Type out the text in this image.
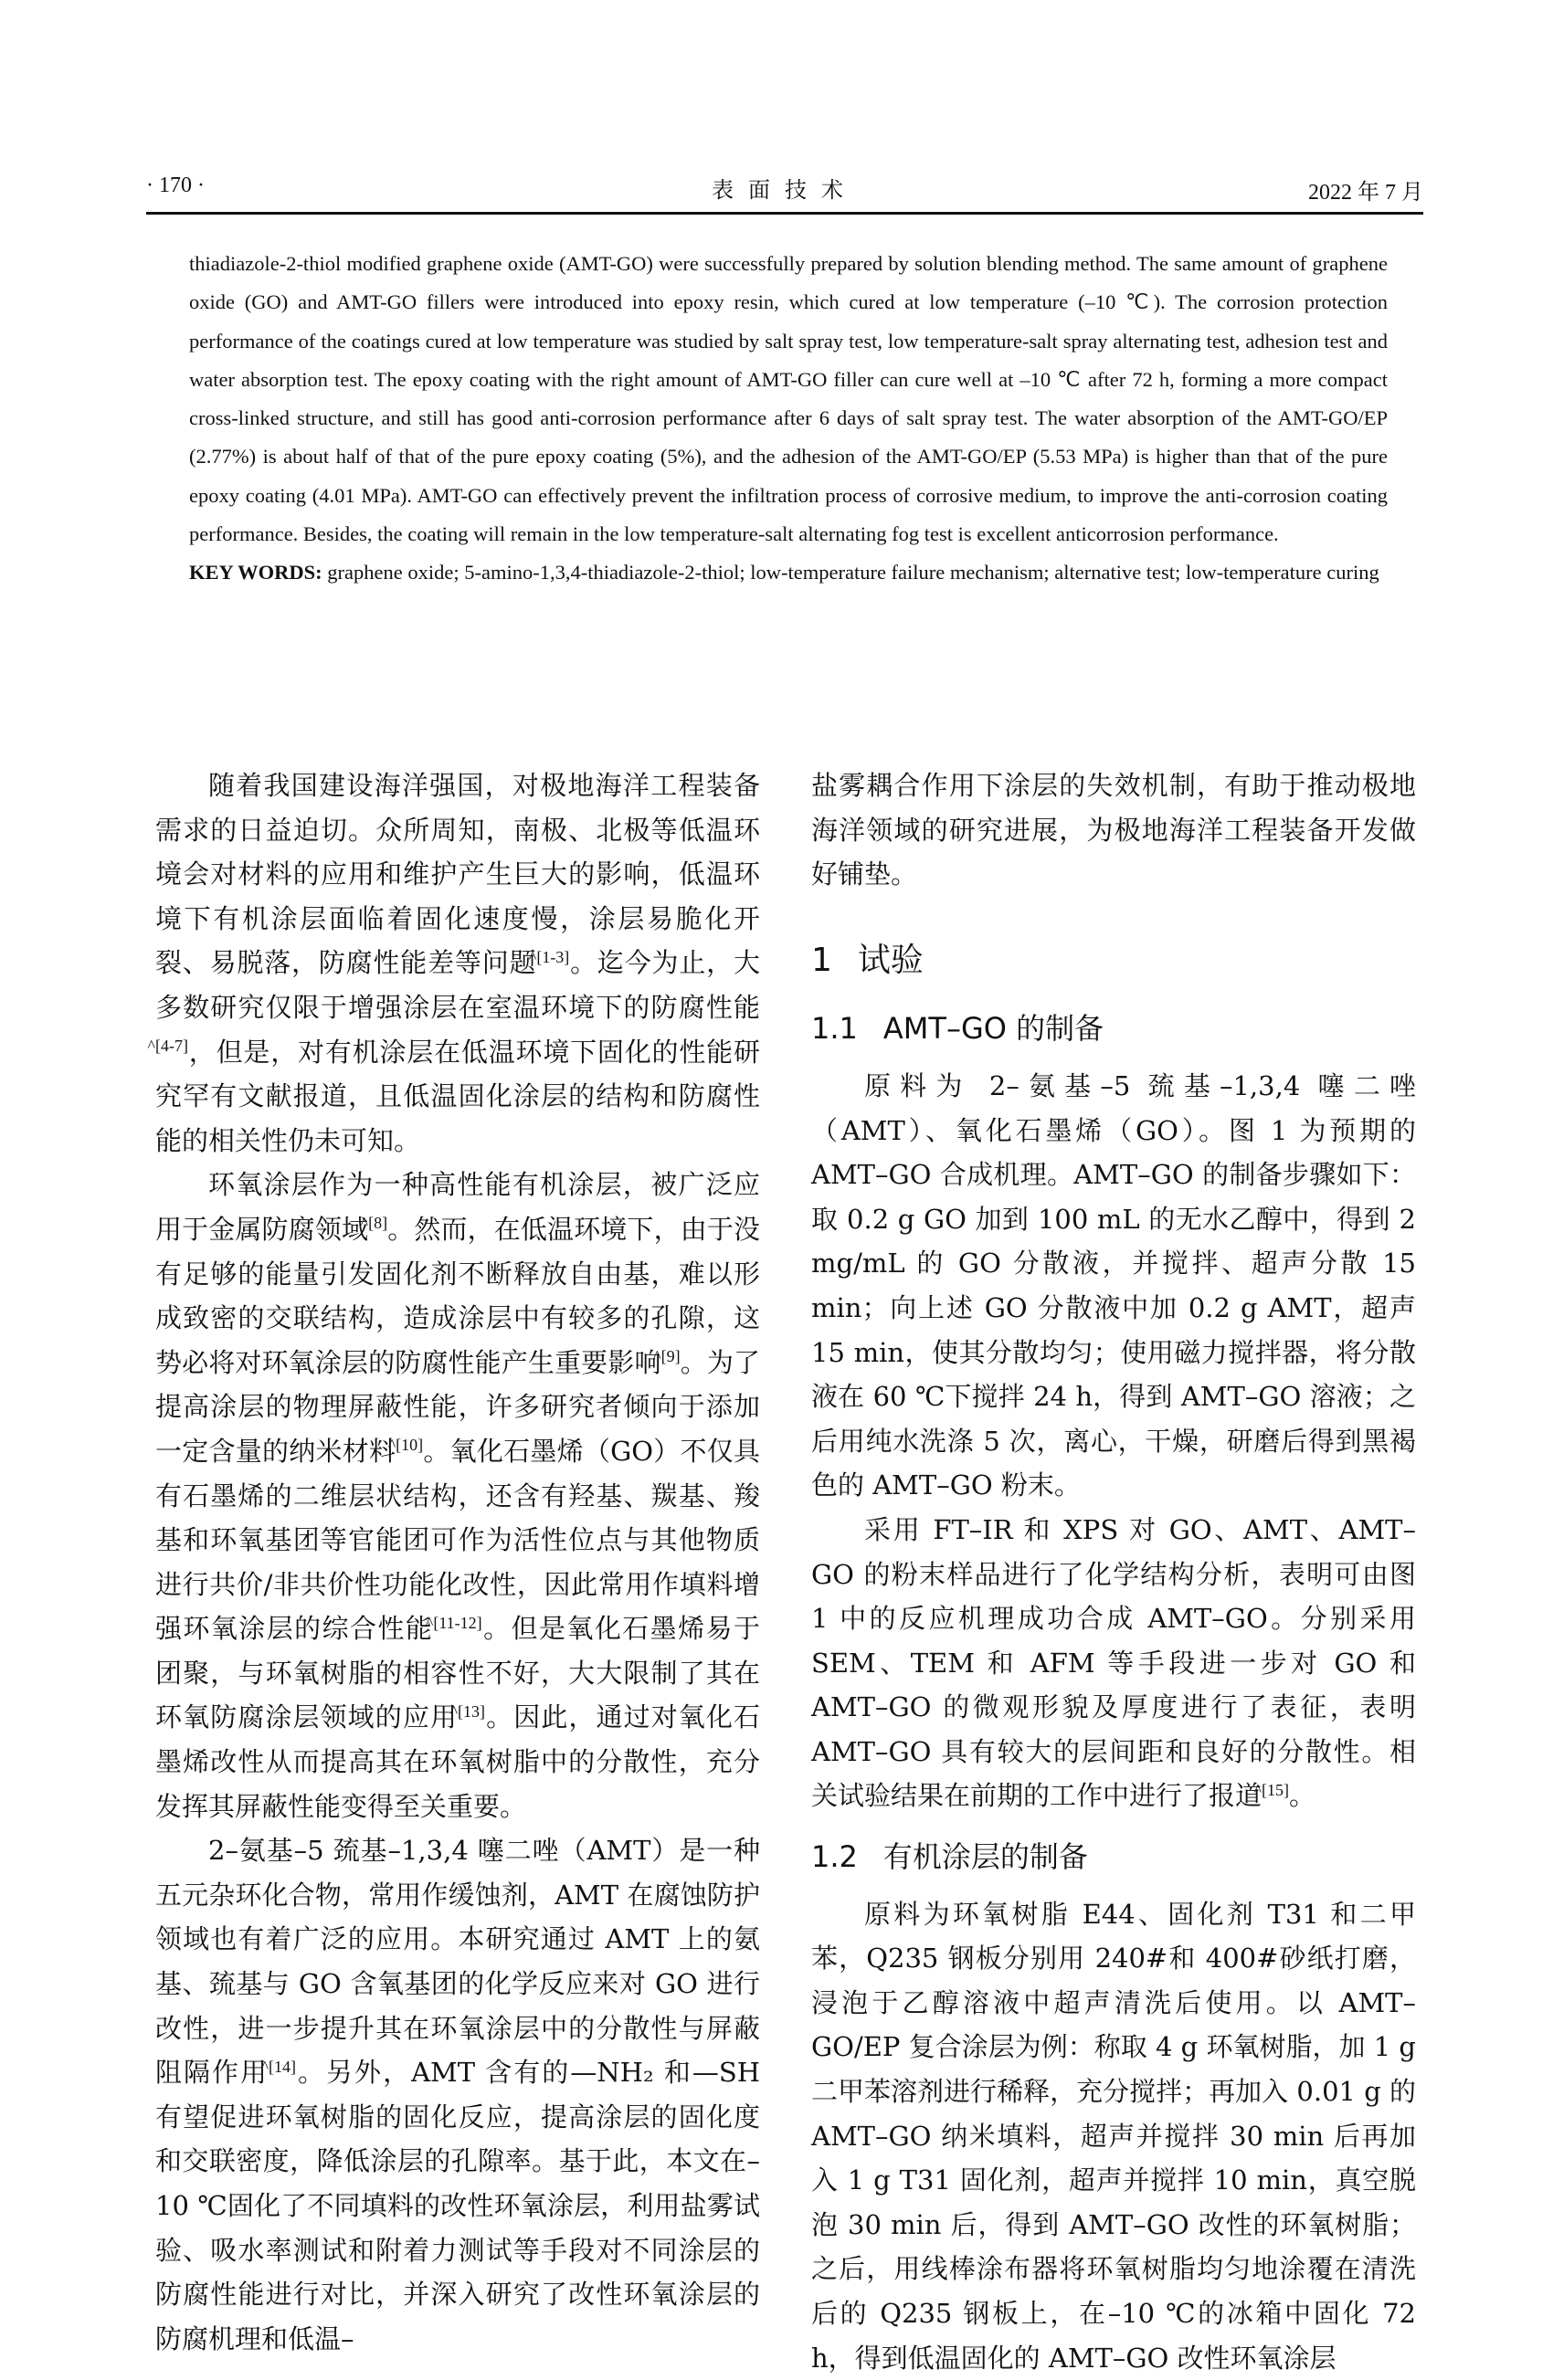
· 170 ·	表面技术	2022 年 7 月
thiadiazole-2-thiol modified graphene oxide (AMT-GO) were successfully prepared by solution blending method. The same amount of graphene oxide (GO) and AMT-GO fillers were introduced into epoxy resin, which cured at low temperature (–10 ℃). The corrosion protection performance of the coatings cured at low temperature was studied by salt spray test, low temperature-salt spray alternating test, adhesion test and water absorption test. The epoxy coating with the right amount of AMT-GO filler can cure well at –10 ℃ after 72 h, forming a more compact cross-linked structure, and still has good anti-corrosion performance after 6 days of salt spray test. The water absorption of the AMT-GO/EP (2.77%) is about half of that of the pure epoxy coating (5%), and the adhesion of the AMT-GO/EP (5.53 MPa) is higher than that of the pure epoxy coating (4.01 MPa). AMT-GO can effectively prevent the infiltration process of corrosive medium, to improve the anti-corrosion coating performance. Besides, the coating will remain in the low temperature-salt alternating fog test is excellent anticorrosion performance.
KEY WORDS: graphene oxide; 5-amino-1,3,4-thiadiazole-2-thiol; low-temperature failure mechanism; alternative test; low-temperature curing

随着我国建设海洋强国，对极地海洋工程装备需求的日益迫切。众所周知，南极、北极等低温环境会对材料的应用和维护产生巨大的影响，低温环境下有机涂层面临着固化速度慢，涂层易脆化开裂、易脱落，防腐性能差等问题^[1-3]。迄今为止，大多数研究仅限于增强涂层在室温环境下的防腐性能^[4-7]，但是，对有机涂层在低温环境下固化的性能研究罕有文献报道，且低温固化涂层的结构和防腐性能的相关性仍未可知。

环氧涂层作为一种高性能有机涂层，被广泛应用于金属防腐领域^[8]。然而，在低温环境下，由于没有足够的能量引发固化剂不断释放自由基，难以形成致密的交联结构，造成涂层中有较多的孔隙，这势必将对环氧涂层的防腐性能产生重要影响^[9]。为了提高涂层的物理屏蔽性能，许多研究者倾向于添加一定含量的纳米材料^[10]。氧化石墨烯（GO）不仅具有石墨烯的二维层状结构，还含有羟基、羰基、羧基和环氧基团等官能团可作为活性位点与其他物质进行共价/非共价性功能化改性，因此常用作填料增强环氧涂层的综合性能^[11-12]。但是氧化石墨烯易于团聚，与环氧树脂的相容性不好，大大限制了其在环氧防腐涂层领域的应用^[13]。因此，通过对氧化石墨烯改性从而提高其在环氧树脂中的分散性，充分发挥其屏蔽性能变得至关重要。

2–氨基–5 巯基–1,3,4 噻二唑（AMT）是一种五元杂环化合物，常用作缓蚀剂，AMT 在腐蚀防护领域也有着广泛的应用。本研究通过 AMT 上的氨基、巯基与 GO 含氧基团的化学反应来对 GO 进行改性，进一步提升其在环氧涂层中的分散性与屏蔽阻隔作用^[14]。另外，AMT 含有的—NH₂ 和—SH 有望促进环氧树脂的固化反应，提高涂层的固化度和交联密度，降低涂层的孔隙率。基于此，本文在–10 ℃固化了不同填料的改性环氧涂层，利用盐雾试验、吸水率测试和附着力测试等手段对不同涂层的防腐性能进行对比，并深入研究了改性环氧涂层的防腐机理和低温–

盐雾耦合作用下涂层的失效机制，有助于推动极地海洋领域的研究进展，为极地海洋工程装备开发做好铺垫。

1 试验
1.1 AMT–GO 的制备

原料为 2–氨基–5 巯基–1,3,4 噻二唑（AMT）、氧化石墨烯（GO）。图 1 为预期的 AMT–GO 合成机理。AMT–GO 的制备步骤如下：取 0.2 g GO 加到 100 mL 的无水乙醇中，得到 2 mg/mL 的 GO 分散液，并搅拌、超声分散 15 min；向上述 GO 分散液中加 0.2 g AMT，超声 15 min，使其分散均匀；使用磁力搅拌器，将分散液在 60 ℃下搅拌 24 h，得到 AMT–GO 溶液；之后用纯水洗涤 5 次，离心，干燥，研磨后得到黑褐色的 AMT–GO 粉末。

采用 FT–IR 和 XPS 对 GO、AMT、AMT–GO 的粉末样品进行了化学结构分析，表明可由图 1 中的反应机理成功合成 AMT–GO。分别采用 SEM、TEM 和 AFM 等手段进一步对 GO 和 AMT–GO 的微观形貌及厚度进行了表征，表明 AMT–GO 具有较大的层间距和良好的分散性。相关试验结果在前期的工作中进行了报道^[15]。

1.2 有机涂层的制备

原料为环氧树脂 E44、固化剂 T31 和二甲苯，Q235 钢板分别用 240#和 400#砂纸打磨，浸泡于乙醇溶液中超声清洗后使用。以 AMT–GO/EP 复合涂层为例：称取 4 g 环氧树脂，加 1 g 二甲苯溶剂进行稀释，充分搅拌；再加入 0.01 g 的 AMT–GO 纳米填料，超声并搅拌 30 min 后再加入 1 g T31 固化剂，超声并搅拌 10 min，真空脱泡 30 min 后，得到 AMT–GO 改性的环氧树脂；之后，用线棒涂布器将环氧树脂均匀地涂覆在清洗后的 Q235 钢板上，在–10 ℃的冰箱中固化 72 h，得到低温固化的 AMT–GO 改性环氧涂层
